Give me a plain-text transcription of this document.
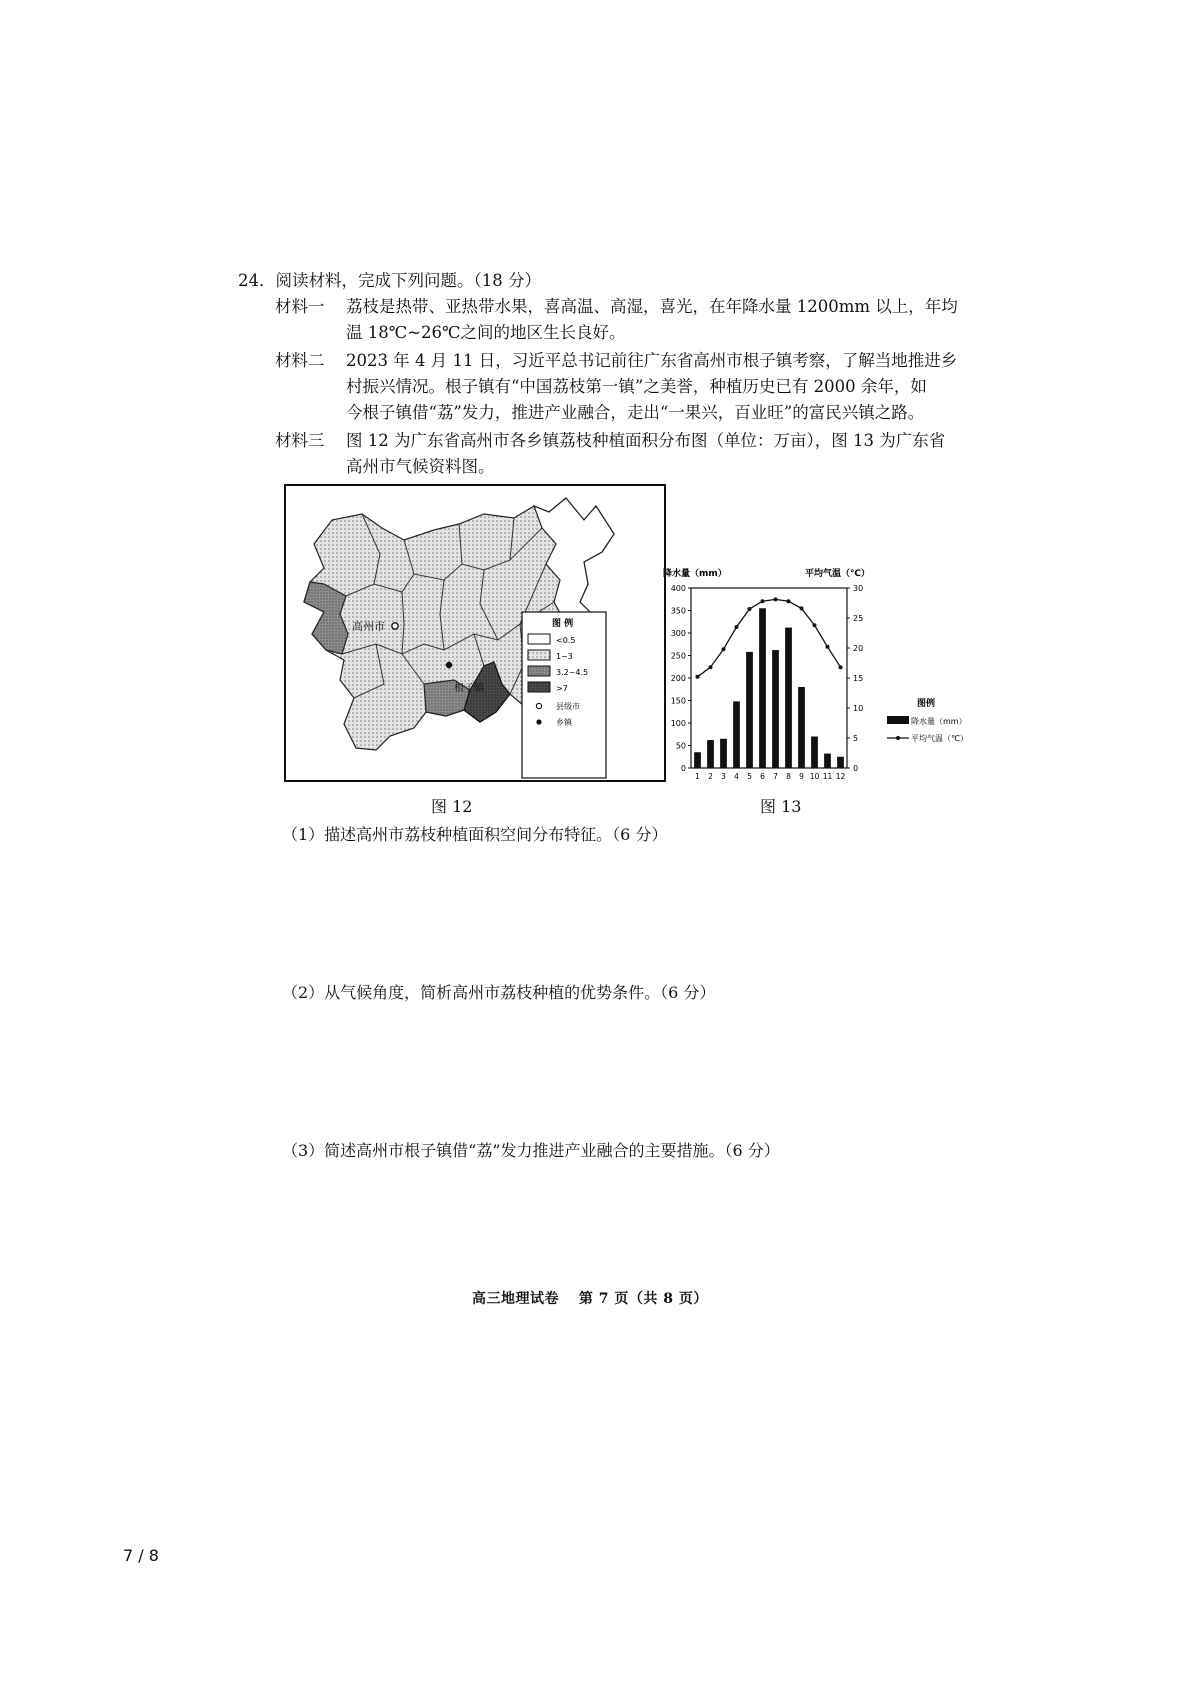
24．阅读材料，完成下列问题。（18 分）
材料一 荔枝是热带、亚热带水果，喜高温、高湿，喜光，在年降水量 1200mm 以上，年均
温 18℃~26℃之间的地区生长良好。
材料二 2023 年 4 月 11 日，习近平总书记前往广东省高州市根子镇考察，了解当地推进乡
村振兴情况。根子镇有“中国荔枝第一镇”之美誉，种植历史已有 2000 余年，如
今根子镇借“荔”发力，推进产业融合，走出“一果兴，百业旺”的富民兴镇之路。
材料三 图 12 为广东省高州市各乡镇荔枝种植面积分布图（单位：万亩），图 13 为广东省
高州市气候资料图。
高州市
根子镇
图 例
<0.5
1~3
3.2~4.5
>7
县级市
乡镇
图 12
降水量（mm）	平均气温（℃）
0
50
100
150
200
250
300
350
400
0
5
10
15
20
25
30
1 2 3 4 5 6 7 8 9 10 11 12
图例
降水量（mm）
平均气温（℃）
图 13
（1）描述高州市荔枝种植面积空间分布特征。（6 分）
（2）从气候角度，简析高州市荔枝种植的优势条件。（6 分）
（3）简述高州市根子镇借“荔”发力推进产业融合的主要措施。（6 分）
高三地理试卷　 第 7 页（共 8 页）
7 / 8
